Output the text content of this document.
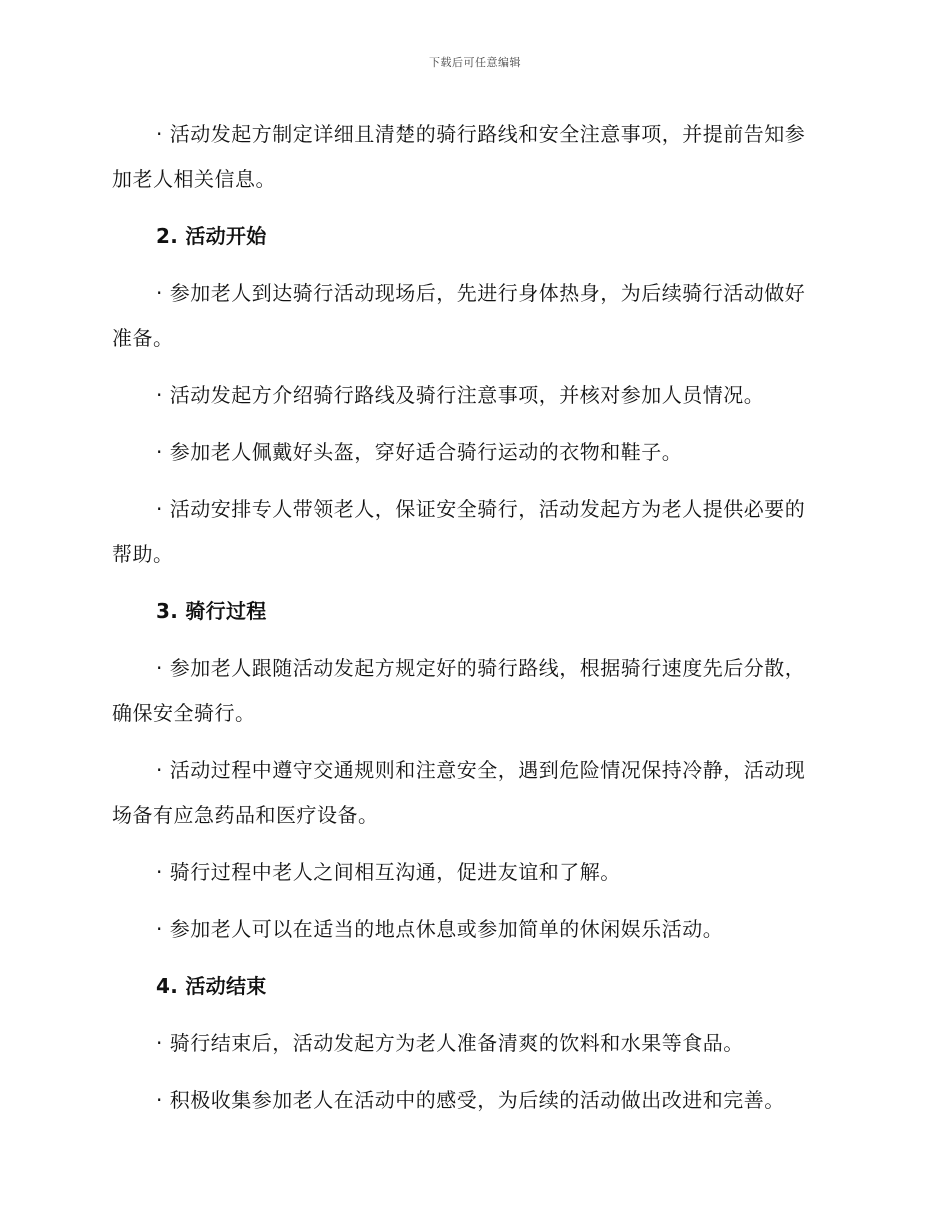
下载后可任意编辑

· 活动发起方制定详细且清楚的骑行路线和安全注意事项，并提前告知参加老人相关信息。

2. 活动开始

· 参加老人到达骑行活动现场后，先进行身体热身，为后续骑行活动做好准备。

· 活动发起方介绍骑行路线及骑行注意事项，并核对参加人员情况。

· 参加老人佩戴好头盔，穿好适合骑行运动的衣物和鞋子。

· 活动安排专人带领老人，保证安全骑行，活动发起方为老人提供必要的帮助。

3. 骑行过程

· 参加老人跟随活动发起方规定好的骑行路线，根据骑行速度先后分散，确保安全骑行。

· 活动过程中遵守交通规则和注意安全，遇到危险情况保持冷静，活动现场备有应急药品和医疗设备。

· 骑行过程中老人之间相互沟通，促进友谊和了解。

· 参加老人可以在适当的地点休息或参加简单的休闲娱乐活动。

4. 活动结束

· 骑行结束后，活动发起方为老人准备清爽的饮料和水果等食品。

· 积极收集参加老人在活动中的感受，为后续的活动做出改进和完善。
